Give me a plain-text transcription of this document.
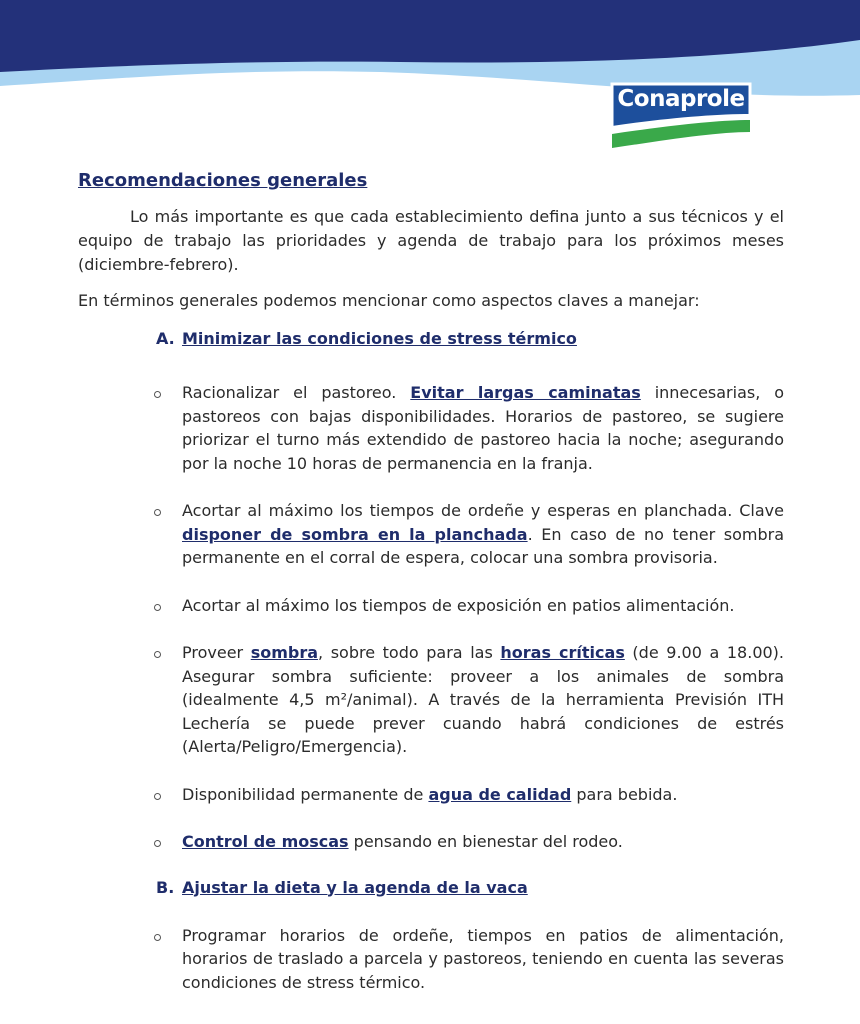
Conaprole
Recomendaciones generales

Lo más importante es que cada establecimiento defina junto a sus técnicos y el equipo de trabajo las prioridades y agenda de trabajo para los próximos meses (diciembre-febrero).

En términos generales podemos mencionar como aspectos claves a manejar:

A. Minimizar las condiciones de stress térmico
Racionalizar el pastoreo. Evitar largas caminatas innecesarias, o pastoreos con bajas disponibilidades. Horarios de pastoreo, se sugiere priorizar el turno más extendido de pastoreo hacia la noche; asegurando por la noche 10 horas de permanencia en la franja.
Acortar al máximo los tiempos de ordeñe y esperas en planchada. Clave disponer de sombra en la planchada. En caso de no tener sombra permanente en el corral de espera, colocar una sombra provisoria.
Acortar al máximo los tiempos de exposición en patios alimentación.
Proveer sombra, sobre todo para las horas críticas (de 9.00 a 18.00). Asegurar sombra suficiente: proveer a los animales de sombra (idealmente 4,5 m²/animal). A través de la herramienta Previsión ITH Lechería se puede prever cuando habrá condiciones de estrés (Alerta/Peligro/Emergencia).
Disponibilidad permanente de agua de calidad para bebida.
Control de moscas pensando en bienestar del rodeo.
B. Ajustar la dieta y la agenda de la vaca
Programar horarios de ordeñe, tiempos en patios de alimentación, horarios de traslado a parcela y pastoreos, teniendo en cuenta las severas condiciones de stress térmico.
